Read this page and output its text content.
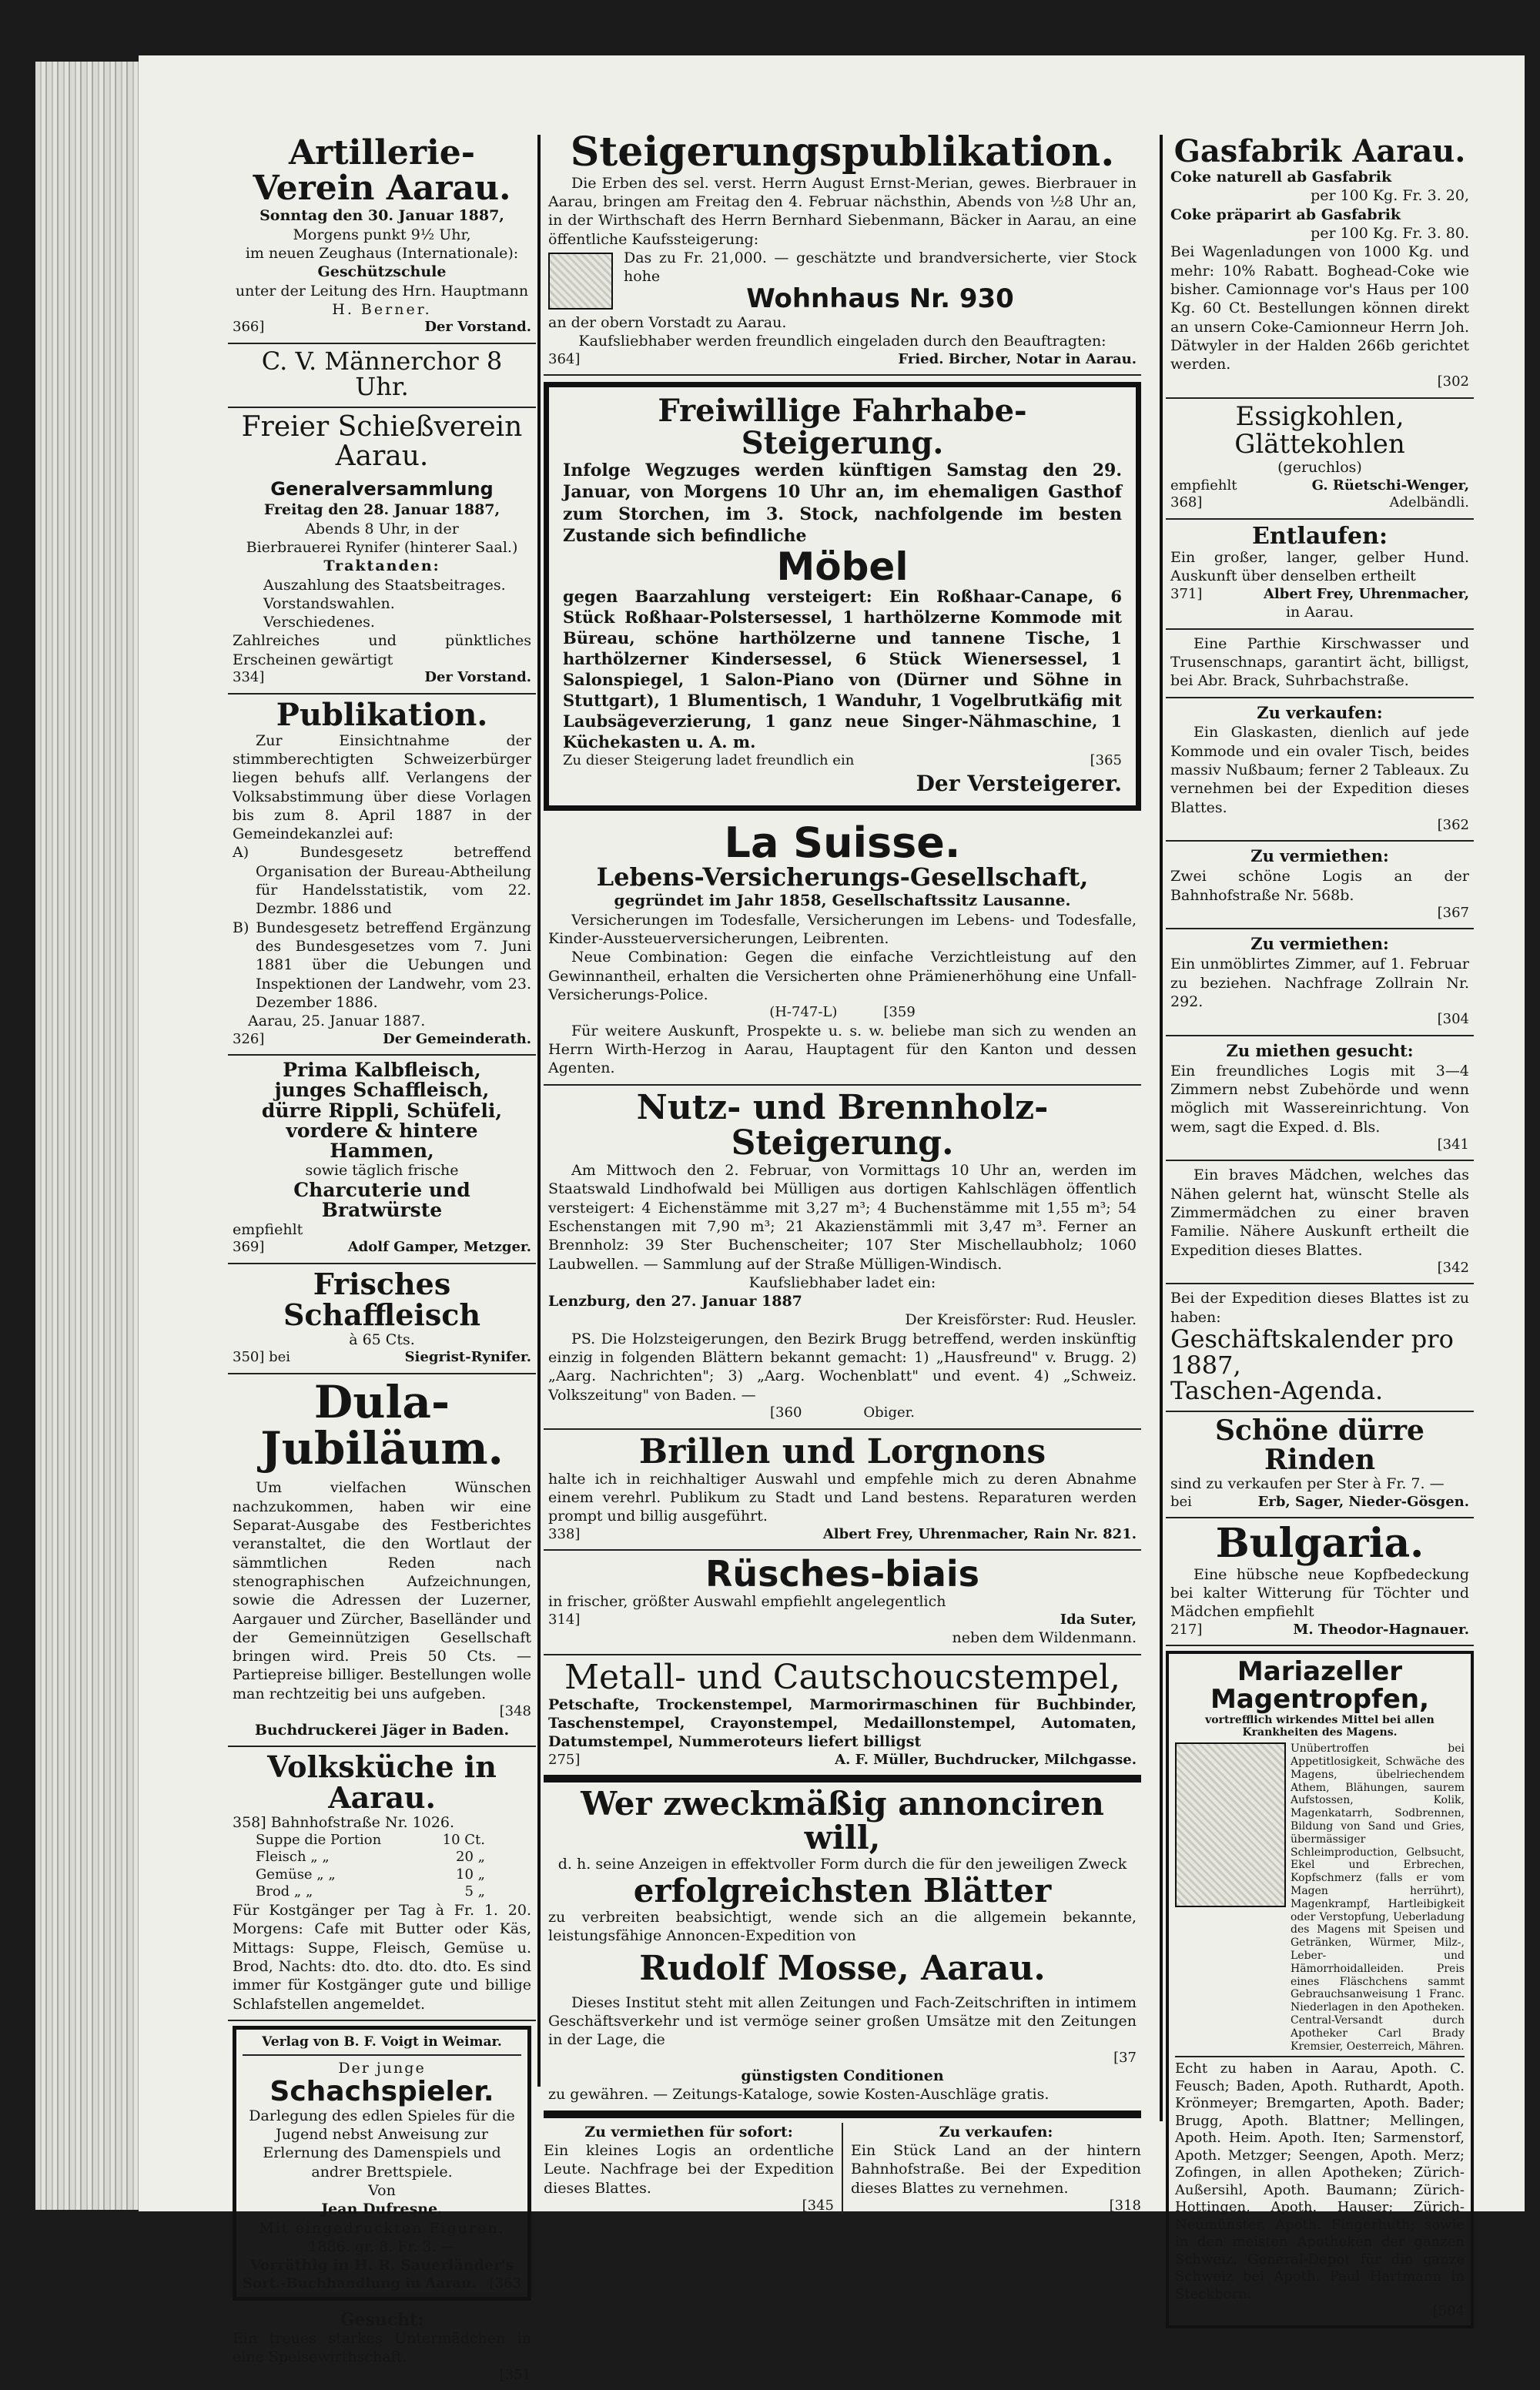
Artillerie-Verein Aarau.
Sonntag den 30. Januar 1887,
Morgens punkt 9½ Uhr,
im neuen Zeughaus (Internationale):
Geschützschule
unter der Leitung des Hrn. Hauptmann
H. Berner.
366]	Der Vorstand.
C. V. Männerchor 8 Uhr.
Freier Schießverein Aarau.
Generalversammlung
Freitag den 28. Januar 1887,
Abends 8 Uhr, in der
Bierbrauerei Rynifer (hinterer Saal.)
Traktanden:
Auszahlung des Staatsbeitrages.
Vorstandswahlen.
Verschiedenes.
Zahlreiches und pünktliches Erscheinen gewärtigt
334]	Der Vorstand.
Publikation.
Zur Einsichtnahme der stimmberechtigten Schweizerbürger liegen behufs allf. Verlangens der Volksabstimmung über diese Vorlagen bis zum 8. April 1887 in der Gemeindekanzlei auf:
A) Bundesgesetz betreffend Organisation der Bureau-Abtheilung für Handelsstatistik, vom 22. Dezmbr. 1886 und
B) Bundesgesetz betreffend Ergänzung des Bundesgesetzes vom 7. Juni 1881 über die Uebungen und Inspektionen der Landwehr, vom 23. Dezember 1886.
Aarau, 25. Januar 1887.
326]	Der Gemeinderath.
Prima Kalbfleisch,
junges Schaffleisch,
dürre Rippli, Schüfeli,
vordere & hintere Hammen,
sowie täglich frische
Charcuterie und
Bratwürste
empfiehlt
369]	Adolf Gamper, Metzger.
Frisches Schaffleisch
à 65 Cts.
350] bei	Siegrist-Rynifer.
Dula-Jubiläum.
Um vielfachen Wünschen nachzukommen, haben wir eine Separat-Ausgabe des Festberichtes veranstaltet, die den Wortlaut der sämmtlichen Reden nach stenographischen Aufzeichnungen, sowie die Adressen der Luzerner, Aargauer und Zürcher, Baselländer und der Gemeinnützigen Gesellschaft bringen wird. Preis 50 Cts. — Partiepreise billiger. Bestellungen wolle man rechtzeitig bei uns aufgeben.
[348
Buchdruckerei Jäger in Baden.
Volksküche in Aarau.
358] Bahnhofstraße Nr. 1026.
Suppe die Portion	10 Ct.
Fleisch „ „	20 „
Gemüse „ „	10 „
Brod „ „	5 „
Für Kostgänger per Tag à Fr. 1. 20. Morgens: Cafe mit Butter oder Käs, Mittags: Suppe, Fleisch, Gemüse u. Brod, Nachts: dto. dto. dto. dto. Es sind immer für Kostgänger gute und billige Schlafstellen angemeldet.
Verlag von B. F. Voigt in Weimar.
Der junge
Schachspieler.
Darlegung des edlen Spieles für die Jugend nebst Anweisung zur Erlernung des Damenspiels und andrer Brettspiele.
Von
Jean Dufresne.
Mit eingedruckten Figuren.
1886. gr. 8. Fr. 3. —
Vorräthig in H. R. Sauerländer's
Sort.-Buchhandlung in Aarau. [363
Gesucht:
Ein treues starkes Untermädchen in eine Speisewirthschaft.
[351
Steigerungspublikation.
Die Erben des sel. verst. Herrn August Ernst-Merian, gewes. Bierbrauer in Aarau, bringen am Freitag den 4. Februar nächsthin, Abends von ½8 Uhr an, in der Wirthschaft des Herrn Bernhard Siebenmann, Bäcker in Aarau, an eine öffentliche Kaufssteigerung:
Das zu Fr. 21,000. — geschätzte und brandversicherte, vier Stock hohe
Wohnhaus Nr. 930
an der obern Vorstadt zu Aarau.
Kaufsliebhaber werden freundlich eingeladen durch den Beauftragten:
364]	Fried. Bircher, Notar in Aarau.
Freiwillige Fahrhabe-Steigerung.
Infolge Wegzuges werden künftigen Samstag den 29. Januar, von Morgens 10 Uhr an, im ehemaligen Gasthof zum Storchen, im 3. Stock, nachfolgende im besten Zustande sich befindliche
Möbel
gegen Baarzahlung versteigert: Ein Roßhaar-Canape, 6 Stück Roßhaar-Polstersessel, 1 harthölzerne Kommode mit Büreau, schöne harthölzerne und tannene Tische, 1 harthölzerner Kindersessel, 6 Stück Wienersessel, 1 Salonspiegel, 1 Salon-Piano von (Dürner und Söhne in Stuttgart), 1 Blumentisch, 1 Wanduhr, 1 Vogelbrutkäfig mit Laubsägeverzierung, 1 ganz neue Singer-Nähmaschine, 1 Küchekasten u. A. m.
Zu dieser Steigerung ladet freundlich ein	[365
Der Versteigerer.
La Suisse.
Lebens-Versicherungs-Gesellschaft,
gegründet im Jahr 1858, Gesellschaftssitz Lausanne.
Versicherungen im Todesfalle, Versicherungen im Lebens- und Todesfalle, Kinder-Aussteuerversicherungen, Leibrenten.
Neue Combination: Gegen die einfache Verzichtleistung auf den Gewinnantheil, erhalten die Versicherten ohne Prämienerhöhung eine Unfall-Versicherungs-Police.
(H-747-L)	[359
Für weitere Auskunft, Prospekte u. s. w. beliebe man sich zu wenden an Herrn Wirth-Herzog in Aarau, Hauptagent für den Kanton und dessen Agenten.
Nutz- und Brennholz-Steigerung.
Am Mittwoch den 2. Februar, von Vormittags 10 Uhr an, werden im Staatswald Lindhofwald bei Mülligen aus dortigen Kahlschlägen öffentlich versteigert: 4 Eichenstämme mit 3,27 m³; 4 Buchenstämme mit 1,55 m³; 54 Eschenstangen mit 7,90 m³; 21 Akazienstämmli mit 3,47 m³. Ferner an Brennholz: 39 Ster Buchenscheiter; 107 Ster Mischellaubholz; 1060 Laubwellen. — Sammlung auf der Straße Mülligen-Windisch.
Kaufsliebhaber ladet ein:
Lenzburg, den 27. Januar 1887
Der Kreisförster: Rud. Heusler.
PS. Die Holzsteigerungen, den Bezirk Brugg betreffend, werden inskünftig einzig in folgenden Blättern bekannt gemacht: 1) „Hausfreund" v. Brugg. 2) „Aarg. Nachrichten"; 3) „Aarg. Wochenblatt" und event. 4) „Schweiz. Volkszeitung" von Baden. —
[360	Obiger.
Brillen und Lorgnons
halte ich in reichhaltiger Auswahl und empfehle mich zu deren Abnahme einem verehrl. Publikum zu Stadt und Land bestens. Reparaturen werden prompt und billig ausgeführt.
338]	Albert Frey, Uhrenmacher, Rain Nr. 821.
Rüsches-biais
in frischer, größter Auswahl empfiehlt angelegentlich
314]	Ida Suter,
neben dem Wildenmann.
Metall- und Cautschoucstempel,
Petschafte, Trockenstempel, Marmorirmaschinen für Buchbinder, Taschenstempel, Crayonstempel, Medaillonstempel, Automaten, Datumstempel, Nummeroteurs liefert billigst
275]	A. F. Müller, Buchdrucker, Milchgasse.
Wer zweckmäßig annonciren will,
d. h. seine Anzeigen in effektvoller Form durch die für den jeweiligen Zweck
erfolgreichsten Blätter
zu verbreiten beabsichtigt, wende sich an die allgemein bekannte, leistungsfähige Annoncen-Expedition von
Rudolf Mosse, Aarau.
Dieses Institut steht mit allen Zeitungen und Fach-Zeitschriften in intimem Geschäftsverkehr und ist vermöge seiner großen Umsätze mit den Zeitungen in der Lage, die
[37
günstigsten Conditionen
zu gewähren. — Zeitungs-Kataloge, sowie Kosten-Auschläge gratis.
Zu vermiethen für sofort:
Ein kleines Logis an ordentliche Leute. Nachfrage bei der Expedition dieses Blattes.
[345
Zu verkaufen:
Ein Stück Land an der hintern Bahnhofstraße. Bei der Expedition dieses Blattes zu vernehmen.
[318
Gasfabrik Aarau.
Coke naturell ab Gasfabrik
per 100 Kg. Fr. 3. 20,
Coke präparirt ab Gasfabrik
per 100 Kg. Fr. 3. 80.
Bei Wagenladungen von 1000 Kg. und mehr: 10% Rabatt. Boghead-Coke wie bisher. Camionnage vor's Haus per 100 Kg. 60 Ct. Bestellungen können direkt an unsern Coke-Camionneur Herrn Joh. Dätwyler in der Halden 266b gerichtet werden.
[302
Essigkohlen, Glättekohlen
(geruchlos)
empfiehlt	G. Rüetschi-Wenger,
368]	Adelbändli.
Entlaufen:
Ein großer, langer, gelber Hund. Auskunft über denselben ertheilt
371]	Albert Frey, Uhrenmacher,
in Aarau.
Eine Parthie Kirschwasser und Trusenschnaps, garantirt ächt, billigst, bei Abr. Brack, Suhrbachstraße.
Zu verkaufen:
Ein Glaskasten, dienlich auf jede Kommode und ein ovaler Tisch, beides massiv Nußbaum; ferner 2 Tableaux. Zu vernehmen bei der Expedition dieses Blattes.
[362
Zu vermiethen:
Zwei schöne Logis an der Bahnhofstraße Nr. 568b.
[367
Zu vermiethen:
Ein unmöblirtes Zimmer, auf 1. Februar zu beziehen. Nachfrage Zollrain Nr. 292.
[304
Zu miethen gesucht:
Ein freundliches Logis mit 3—4 Zimmern nebst Zubehörde und wenn möglich mit Wassereinrichtung. Von wem, sagt die Exped. d. Bls.
[341
Ein braves Mädchen, welches das Nähen gelernt hat, wünscht Stelle als Zimmermädchen zu einer braven Familie. Nähere Auskunft ertheilt die Expedition dieses Blattes.
[342
Bei der Expedition dieses Blattes ist zu haben:
Geschäftskalender pro 1887,
Taschen-Agenda.
Schöne dürre Rinden
sind zu verkaufen per Ster à Fr. 7. —
bei	Erb, Sager, Nieder-Gösgen.
Bulgaria.
Eine hübsche neue Kopfbedeckung bei kalter Witterung für Töchter und Mädchen empfiehlt
217]	M. Theodor-Hagnauer.
Mariazeller
Magentropfen,
vortrefflich wirkendes Mittel bei allen Krankheiten des Magens.
Unübertroffen bei Appetitlosigkeit, Schwäche des Magens, übelriechendem Athem, Blähungen, saurem Aufstossen, Kolik, Magenkatarrh, Sodbrennen, Bildung von Sand und Gries, übermässiger Schleimproduction, Gelbsucht, Ekel und Erbrechen, Kopfschmerz (falls er vom Magen herrührt), Magenkrampf, Hartleibigkeit oder Verstopfung, Ueberladung des Magens mit Speisen und Getränken, Würmer, Milz-, Leber- und Hämorrhoidalleiden. Preis eines Fläschchens sammt Gebrauchsanweisung 1 Franc. Niederlagen in den Apotheken. Central-Versandt durch Apotheker Carl Brady Kremsier, Oesterreich, Mähren.
Echt zu haben in Aarau, Apoth. C. Feusch; Baden, Apoth. Ruthardt, Apoth. Krönmeyer; Bremgarten, Apoth. Bader; Brugg, Apoth. Blattner; Mellingen, Apoth. Heim. Apoth. Iten; Sarmenstorf, Apoth. Metzger; Seengen, Apoth. Merz; Zofingen, in allen Apotheken; Zürich-Außersihl, Apoth. Baumann; Zürich-Hottingen, Apoth. Hauser; Zürich-Neumünster, Apoth. Fingerhuth; sowie in den meisten Apotheken der ganzen Schweiz. General-Depot für die ganze Schweiz bei Apoth. Paul Hartmann in Steckborn.
[504
